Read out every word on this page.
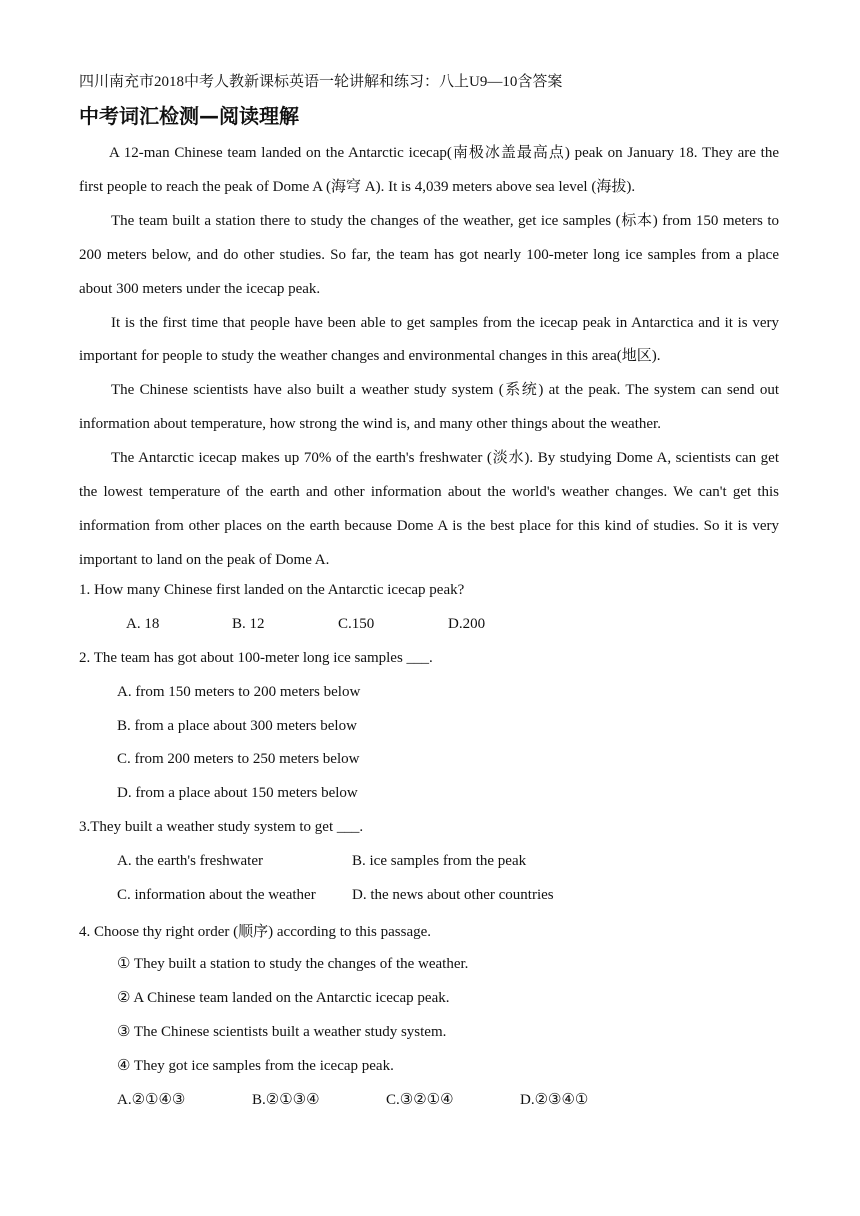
四川南充市2018中考人教新课标英语一轮讲解和练习：八上U9—10含答案
中考词汇检测—阅读理解

A 12-man Chinese team landed on the Antarctic icecap(南极冰盖最高点) peak on January 18. They are the first people to reach the peak of Dome A (海穹 A). It is 4,039 meters above sea level (海拔).

The team built a station there to study the changes of the weather, get ice samples (标本) from 150 meters to 200 meters below, and do other studies. So far, the team has got nearly 100-meter long ice samples from a place about 300 meters under the icecap peak.

It is the first time that people have been able to get samples from the icecap peak in Antarctica and it is very important for people to study the weather changes and environmental changes in this area(地区).

The Chinese scientists have also built a weather study system (系统) at the peak. The system can send out information about temperature, how strong the wind is, and many other things about the weather.

The Antarctic icecap makes up 70% of the earth's freshwater (淡水). By studying Dome A, scientists can get the lowest temperature of the earth and other information about the world's weather changes. We can't get this information from other places on the earth because Dome A is the best place for this kind of studies. So it is very important to land on the peak of Dome A.

1. How many Chinese first landed on the Antarctic icecap peak?
A. 18	B. 12	C.150	D.200
2. The team has got about 100-meter long ice samples ___.
A. from 150 meters to 200 meters below
B. from a place about 300 meters below
C. from 200 meters to 250 meters below
D. from a place about 150 meters below
3.They built a weather study system to get ___.
A. the earth's freshwater	B. ice samples from the peak
C. information about the weather D. the news about other countries
4. Choose thy right order (顺序) according to this passage.
① They built a station to study the changes of the weather.
② A Chinese team landed on the Antarctic icecap peak.
③ The Chinese scientists built a weather study system.
④ They got ice samples from the icecap peak.
A.②①④③	B.②①③④	C.③②①④	D.②③④①
